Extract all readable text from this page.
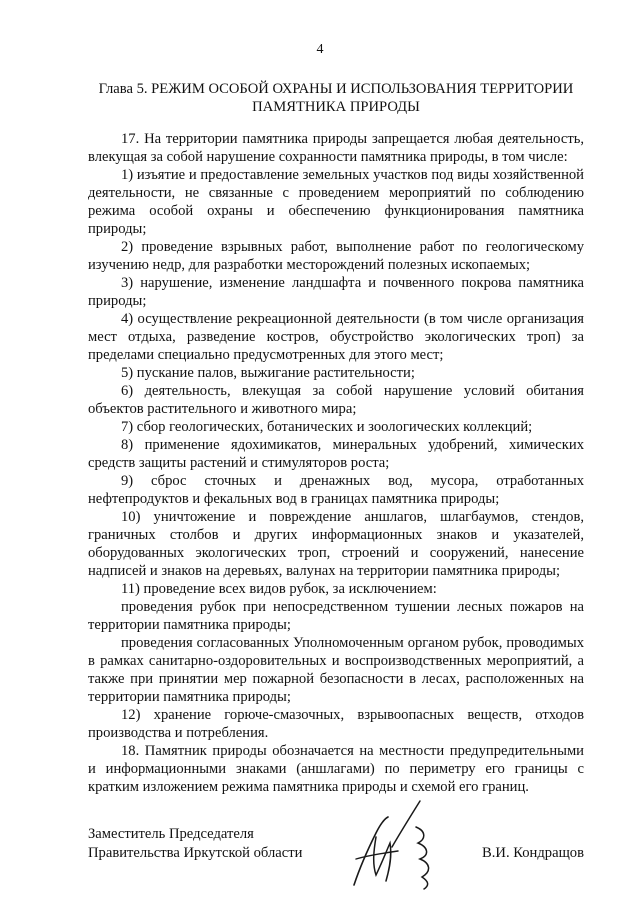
4
Глава 5. РЕЖИМ ОСОБОЙ ОХРАНЫ И ИСПОЛЬЗОВАНИЯ ТЕРРИТОРИИ ПАМЯТНИКА ПРИРОДЫ

17. На территории памятника природы запрещается любая деятельность, влекущая за собой нарушение сохранности памятника природы, в том числе:

1) изъятие и предоставление земельных участков под виды хозяйственной деятельности, не связанные с проведением мероприятий по соблюдению режима особой охраны и обеспечению функционирования памятника природы;

2) проведение взрывных работ, выполнение работ по геологическому изучению недр, для разработки месторождений полезных ископаемых;

3) нарушение, изменение ландшафта и почвенного покрова памятника природы;

4) осуществление рекреационной деятельности (в том числе организация мест отдыха, разведение костров, обустройство экологических троп) за пределами специально предусмотренных для этого мест;

5) пускание палов, выжигание растительности;

6) деятельность, влекущая за собой нарушение условий обитания объектов растительного и животного мира;

7) сбор геологических, ботанических и зоологических коллекций;

8) применение ядохимикатов, минеральных удобрений, химических средств защиты растений и стимуляторов роста;

9) сброс сточных и дренажных вод, мусора, отработанных нефтепродуктов и фекальных вод в границах памятника природы;

10) уничтожение и повреждение аншлагов, шлагбаумов, стендов, граничных столбов и других информационных знаков и указателей, оборудованных экологических троп, строений и сооружений, нанесение надписей и знаков на деревьях, валунах на территории памятника природы;

11) проведение всех видов рубок, за исключением:

проведения рубок при непосредственном тушении лесных пожаров на территории памятника природы;

проведения согласованных Уполномоченным органом рубок, проводимых в рамках санитарно-оздоровительных и воспроизводственных мероприятий, а также при принятии мер пожарной безопасности в лесах, расположенных на территории памятника природы;

12) хранение горюче-смазочных, взрывоопасных веществ, отходов производства и потребления.

18. Памятник природы обозначается на местности предупредительными и информационными знаками (аншлагами) по периметру его границы с кратким изложением режима памятника природы и схемой его границ.

Заместитель Председателя
Правительства Иркутской области	В.И. Кондращов
